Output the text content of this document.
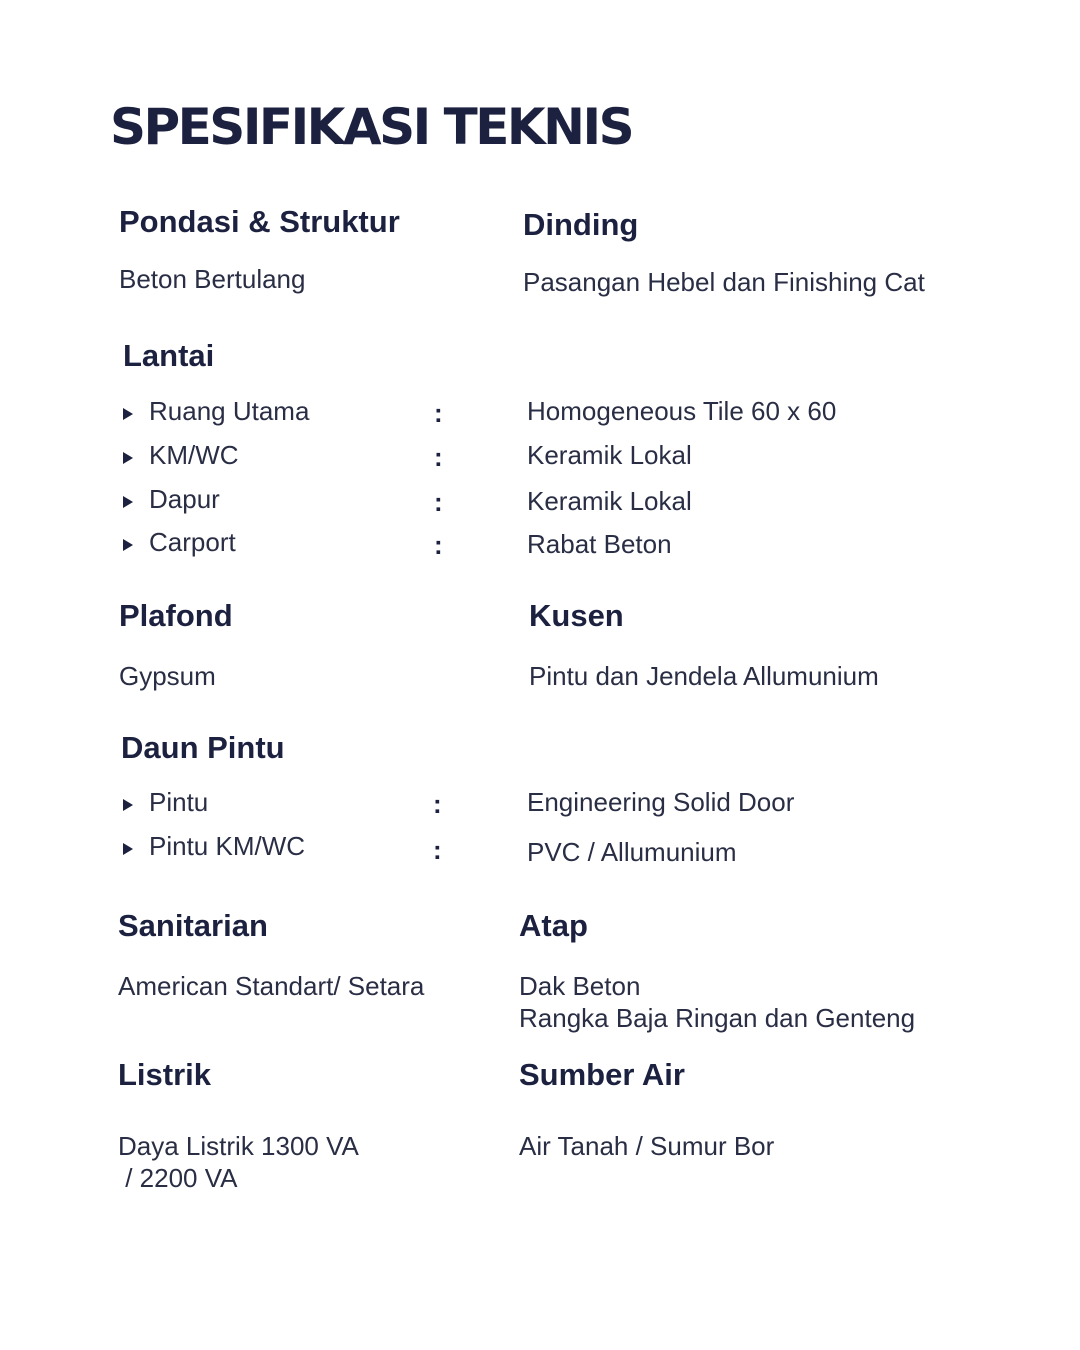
SPESIFIKASI TEKNIS
Pondasi & Struktur
Beton Bertulang
Dinding
Pasangan Hebel dan Finishing Cat
Lantai
Ruang Utama	:	Homogeneous Tile 60 x 60
KM/WC	:	Keramik Lokal
Dapur	:	Keramik Lokal
Carport	:	Rabat Beton
Plafond
Gypsum
Kusen
Pintu dan Jendela Allumunium
Daun Pintu
Pintu	:	Engineering Solid Door
Pintu KM/WC	:	PVC / Allumunium
Sanitarian
American Standart/ Setara
Atap
Dak Beton
Rangka Baja Ringan dan Genteng
Listrik
Daya Listrik 1300 VA
/ 2200 VA
Sumber Air
Air Tanah / Sumur Bor
